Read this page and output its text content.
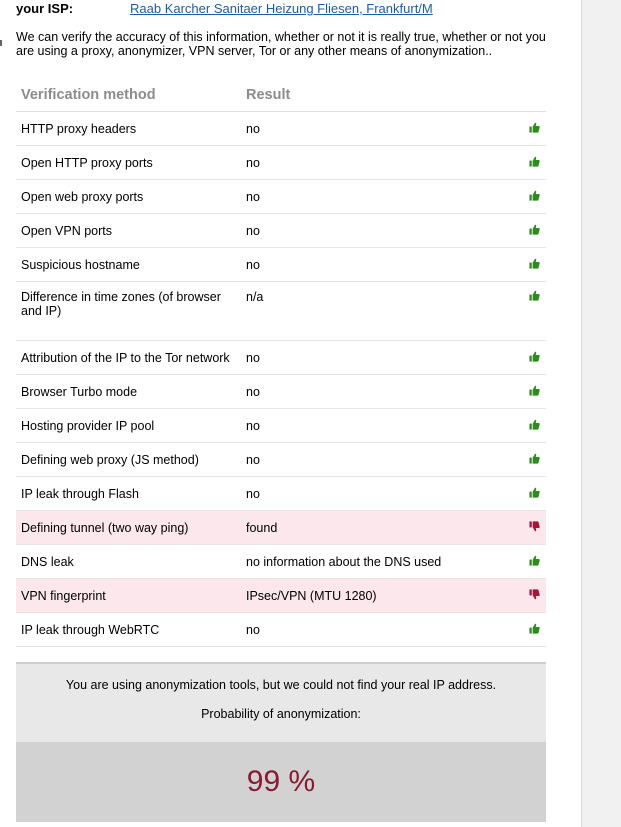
your ISP:	Raab Karcher Sanitaer Heizung Fliesen, Frankfurt/M
We can verify the accuracy of this information, whether or not it is really true, whether or not you are using a proxy, anonymizer, VPN server, Tor or any other means of anonymization..
Verification method	Result	
HTTP proxy headers	no	
Open HTTP proxy ports	no	
Open web proxy ports	no	
Open VPN ports	no	
Suspicious hostname	no	
Difference in time zones (of browser and IP)	n/a	
Attribution of the IP to the Tor network	no	
Browser Turbo mode	no	
Hosting provider IP pool	no	
Defining web proxy (JS method)	no	
IP leak through Flash	no	
Defining tunnel (two way ping)	found	
DNS leak	no information about the DNS used	
VPN fingerprint	IPsec/VPN (MTU 1280)	
IP leak through WebRTC	no	
You are using anonymization tools, but we could not find your real IP address.
Probability of anonymization:
99 %
